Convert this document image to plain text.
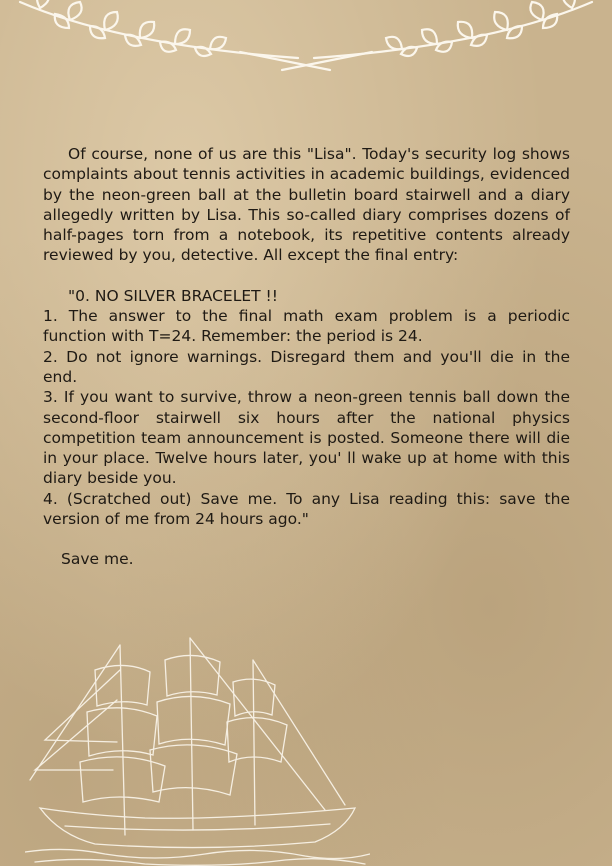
Of course, none of us are this "Lisa". Today's security log shows complaints about tennis activities in academic buildings, evidenced by the neon-green ball at the bulletin board stairwell and a diary allegedly written by Lisa. This so-called diary comprises dozens of half-pages torn from a notebook, its repetitive contents already reviewed by you, detective. All except the final entry:

"0. NO SILVER BRACELET !!

1. The answer to the final math exam problem is a periodic function with T=24. Remember: the period is 24.

2. Do not ignore warnings. Disregard them and you'll die in the end.

3. If you want to survive, throw a neon-green tennis ball down the second-floor stairwell six hours after the national physics competition team announcement is posted. Someone there will die in your place. Twelve hours later, you' ll wake up at home with this diary beside you.

4. (Scratched out) Save me. To any Lisa reading this: save the version of me from 24 hours ago."

Save me.
